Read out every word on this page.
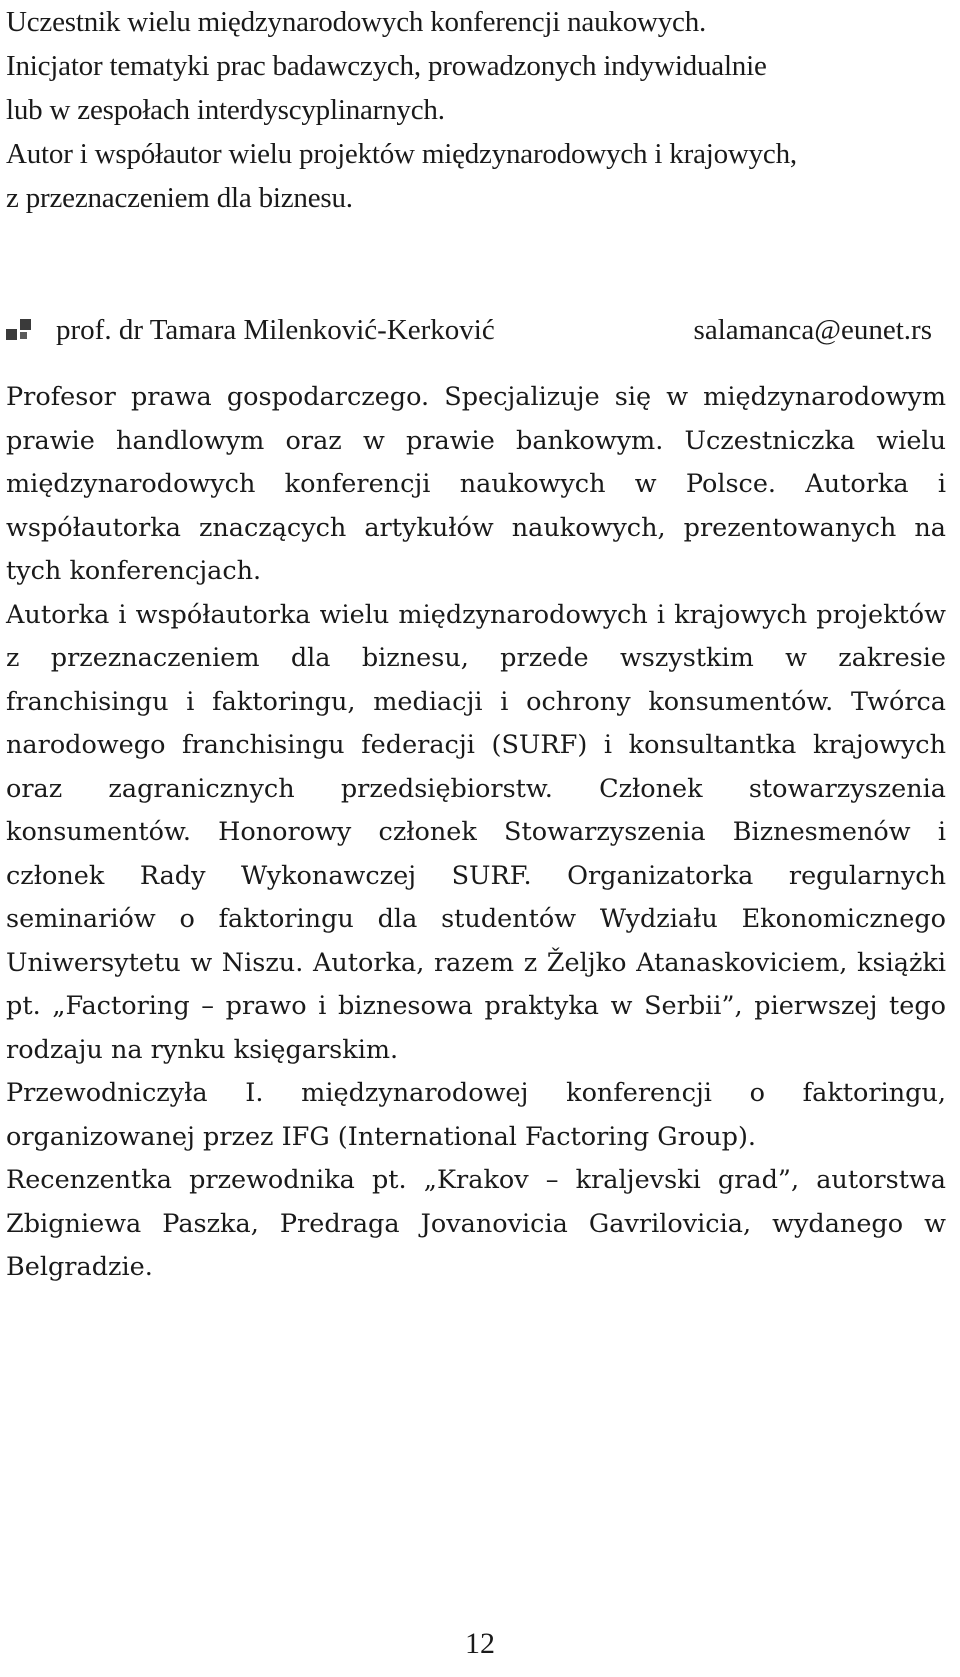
Uczestnik wielu międzynarodowych konferencji naukowych.

Inicjator tematyki prac badawczych, prowadzonych indywidualnie

lub w zespołach interdyscyplinarnych.

Autor i współautor wielu projektów międzynarodowych i krajowych,

z przeznaczeniem dla biznesu.

prof. dr Tamara Milenković-Kerković	salamanca@eunet.rs

Profesor prawa gospodarczego. Specjalizuje się w międzynarodowym prawie handlowym oraz w prawie bankowym. Uczestniczka wielu międzynarodowych konferencji naukowych w Polsce. Autorka i współautorka znaczących artykułów naukowych, prezentowanych na tych konferencjach.

Autorka i współautorka wielu międzynarodowych i krajowych projektów z przeznaczeniem dla biznesu, przede wszystkim w zakresie franchisingu i faktoringu, mediacji i ochrony konsumentów. Twórca narodowego franchisingu federacji (SURF) i konsultantka krajowych oraz zagranicznych przedsiębiorstw. Członek stowarzyszenia konsumentów. Honorowy członek Stowarzyszenia Biznesmenów i członek Rady Wykonawczej SURF. Organizatorka regularnych seminariów o faktoringu dla studentów Wydziału Ekonomicznego Uniwersytetu w Niszu. Autorka, razem z Željko Atanaskoviciem, książki pt. „Factoring – prawo i biznesowa praktyka w Serbii”, pierwszej tego rodzaju na rynku księgarskim.

Przewodniczyła I. międzynarodowej konferencji o faktoringu, organizowanej przez IFG (International Factoring Group).

Recenzentka przewodnika pt. „Krakov – kraljevski grad”, autorstwa Zbigniewa Paszka, Predraga Jovanovicia Gavrilovicia, wydanego w Belgradzie.

12
